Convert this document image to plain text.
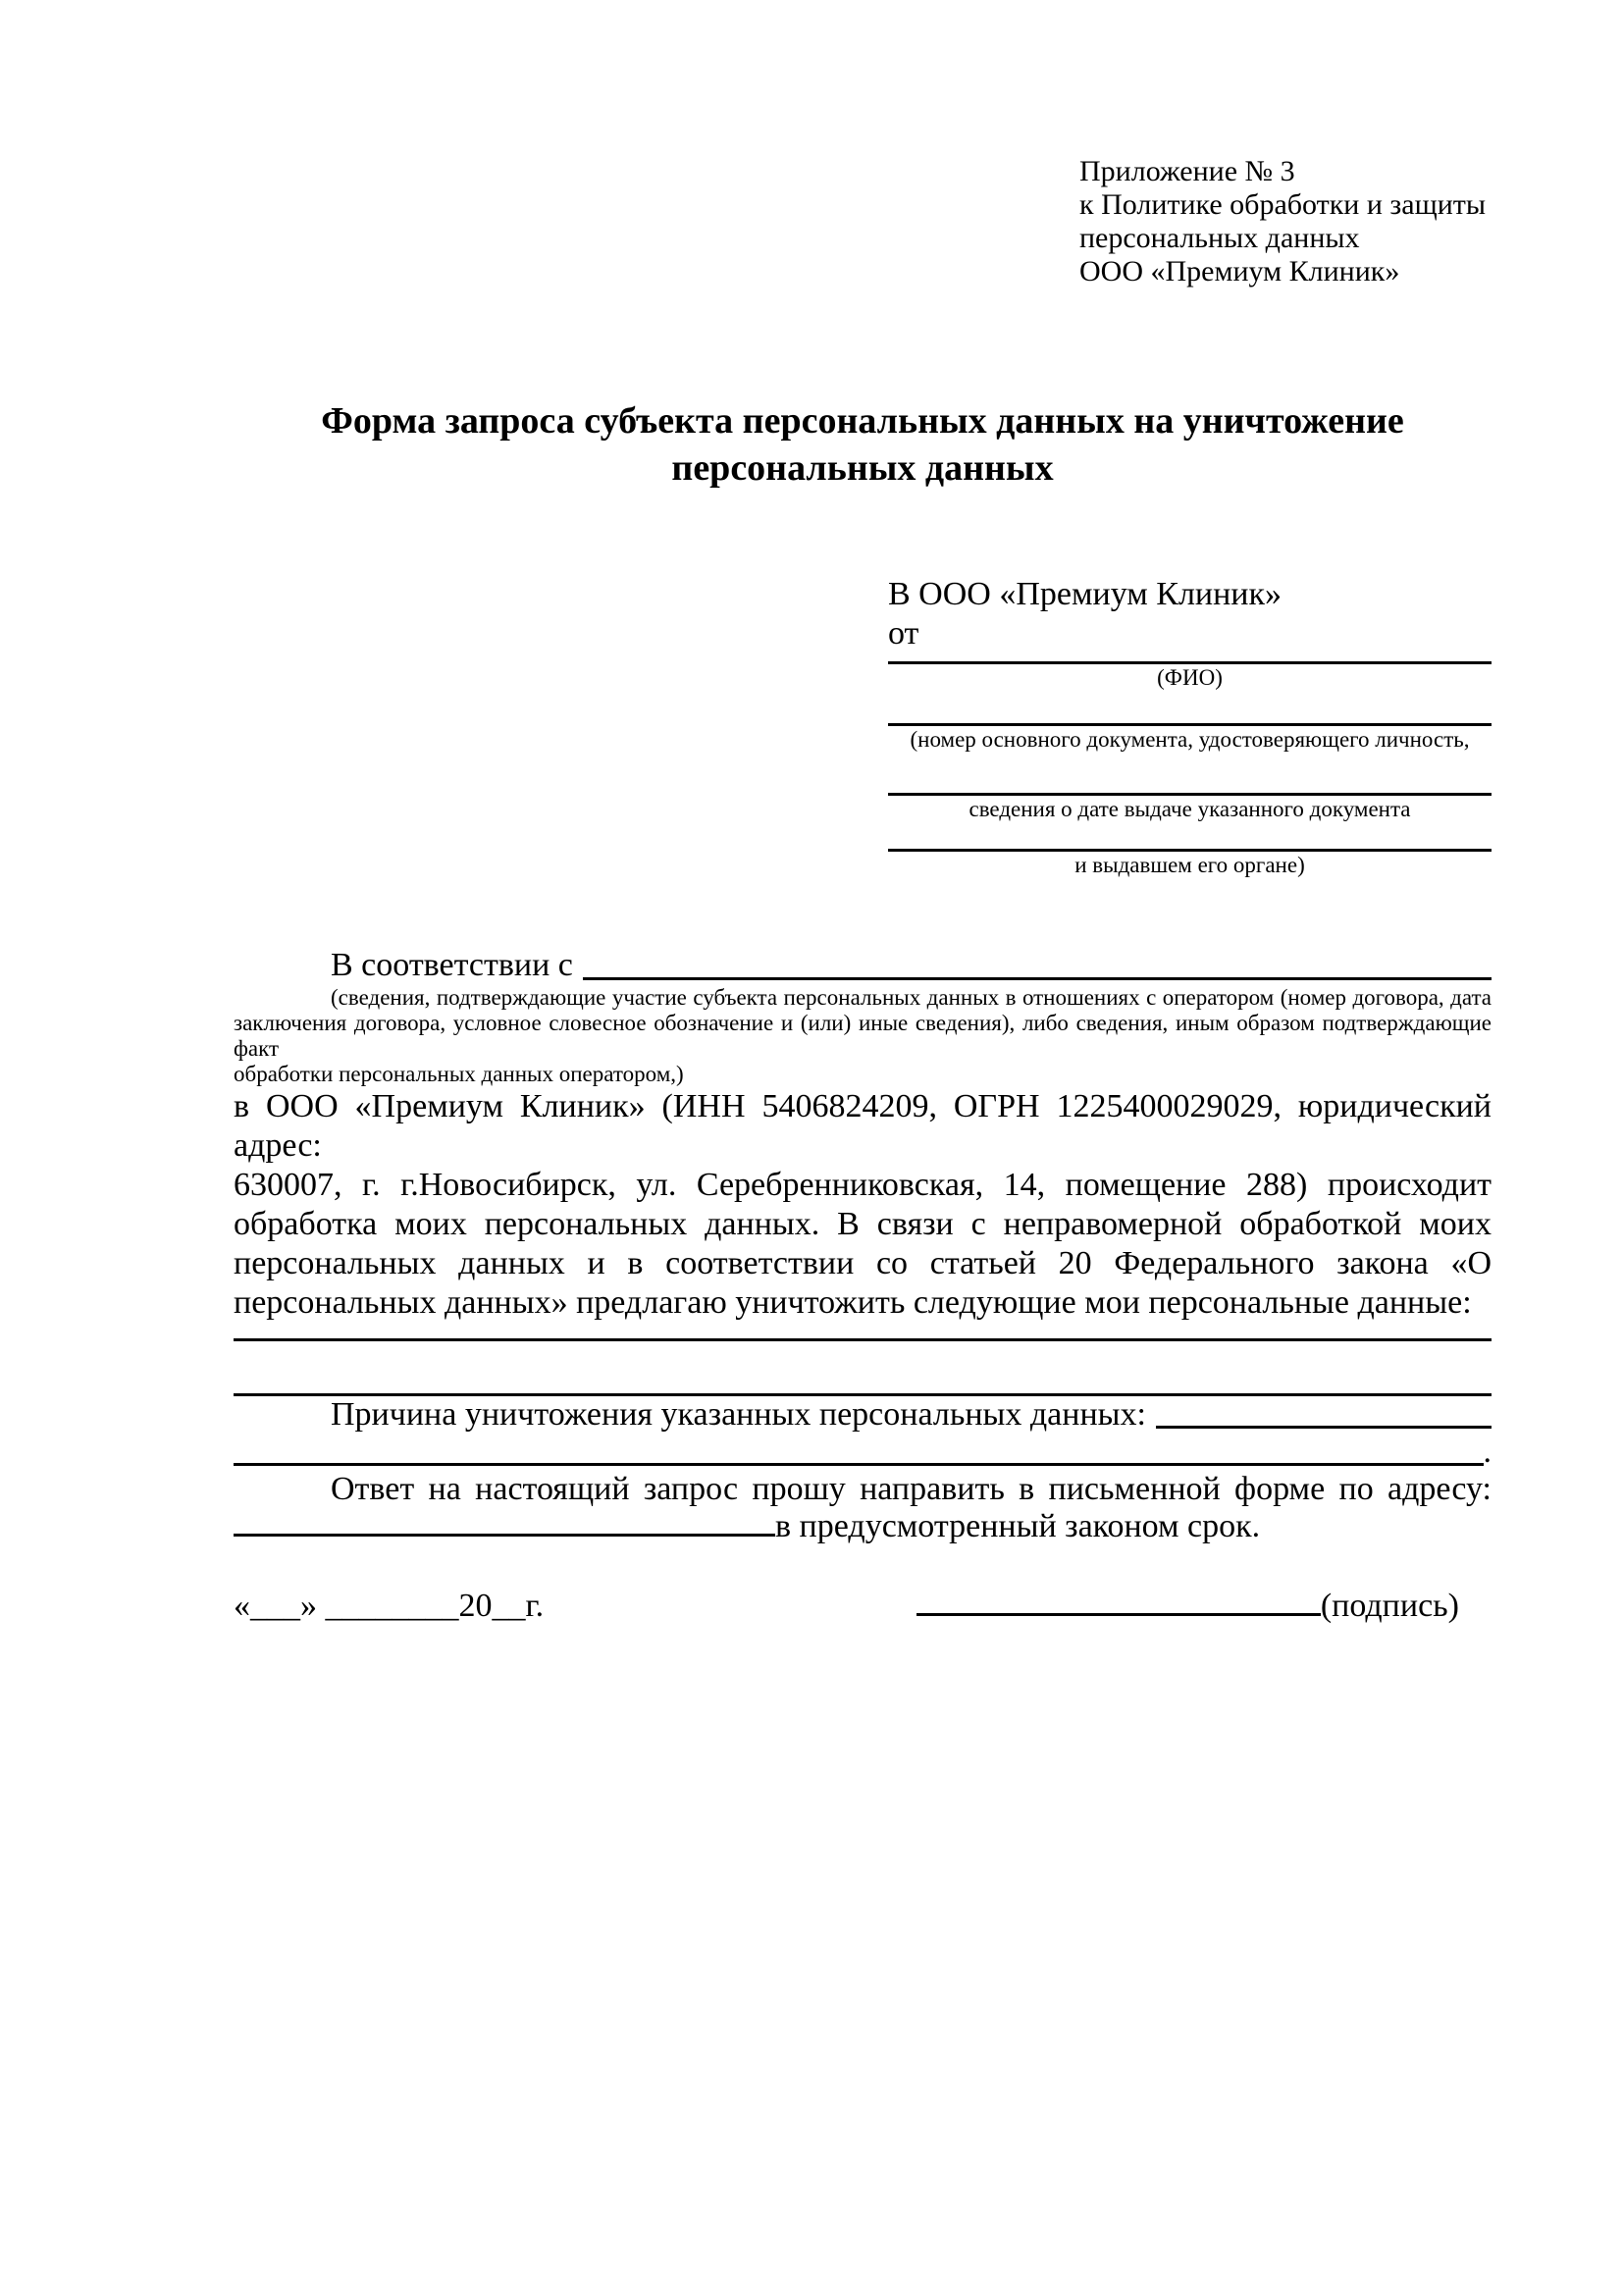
Приложение № 3
к Политике обработки и защиты
персональных данных
ООО «Премиум Клиник»
Форма запроса субъекта персональных данных на уничтожение персональных данных
В ООО «Премиум Клиник»
от
(ФИО)
(номер основного документа, удостоверяющего личность,
сведения о дате выдаче указанного документа
и выдавшем его органе)
В соответствии с
(сведения, подтверждающие участие субъекта персональных данных в отношениях с оператором (номер договора, дата
заключения договора, условное словесное обозначение и (или) иные сведения), либо сведения, иным образом подтверждающие факт
обработки персональных данных оператором,)
в ООО «Премиум Клиник» (ИНН 5406824209, ОГРН 1225400029029, юридический адрес:
630007, г. г.Новосибирск, ул. Серебренниковская, 14, помещение 288) происходит
обработка моих персональных данных. В связи с неправомерной обработкой моих
персональных данных и в соответствии со статьей 20 Федерального закона «О
персональных данных» предлагаю уничтожить следующие мои персональные данные:
Причина уничтожения указанных персональных данных:
.
Ответ на настоящий запрос прошу направить в письменной форме по адресу:
в предусмотренный законом срок.
«___» ________20__г.	(подпись)
